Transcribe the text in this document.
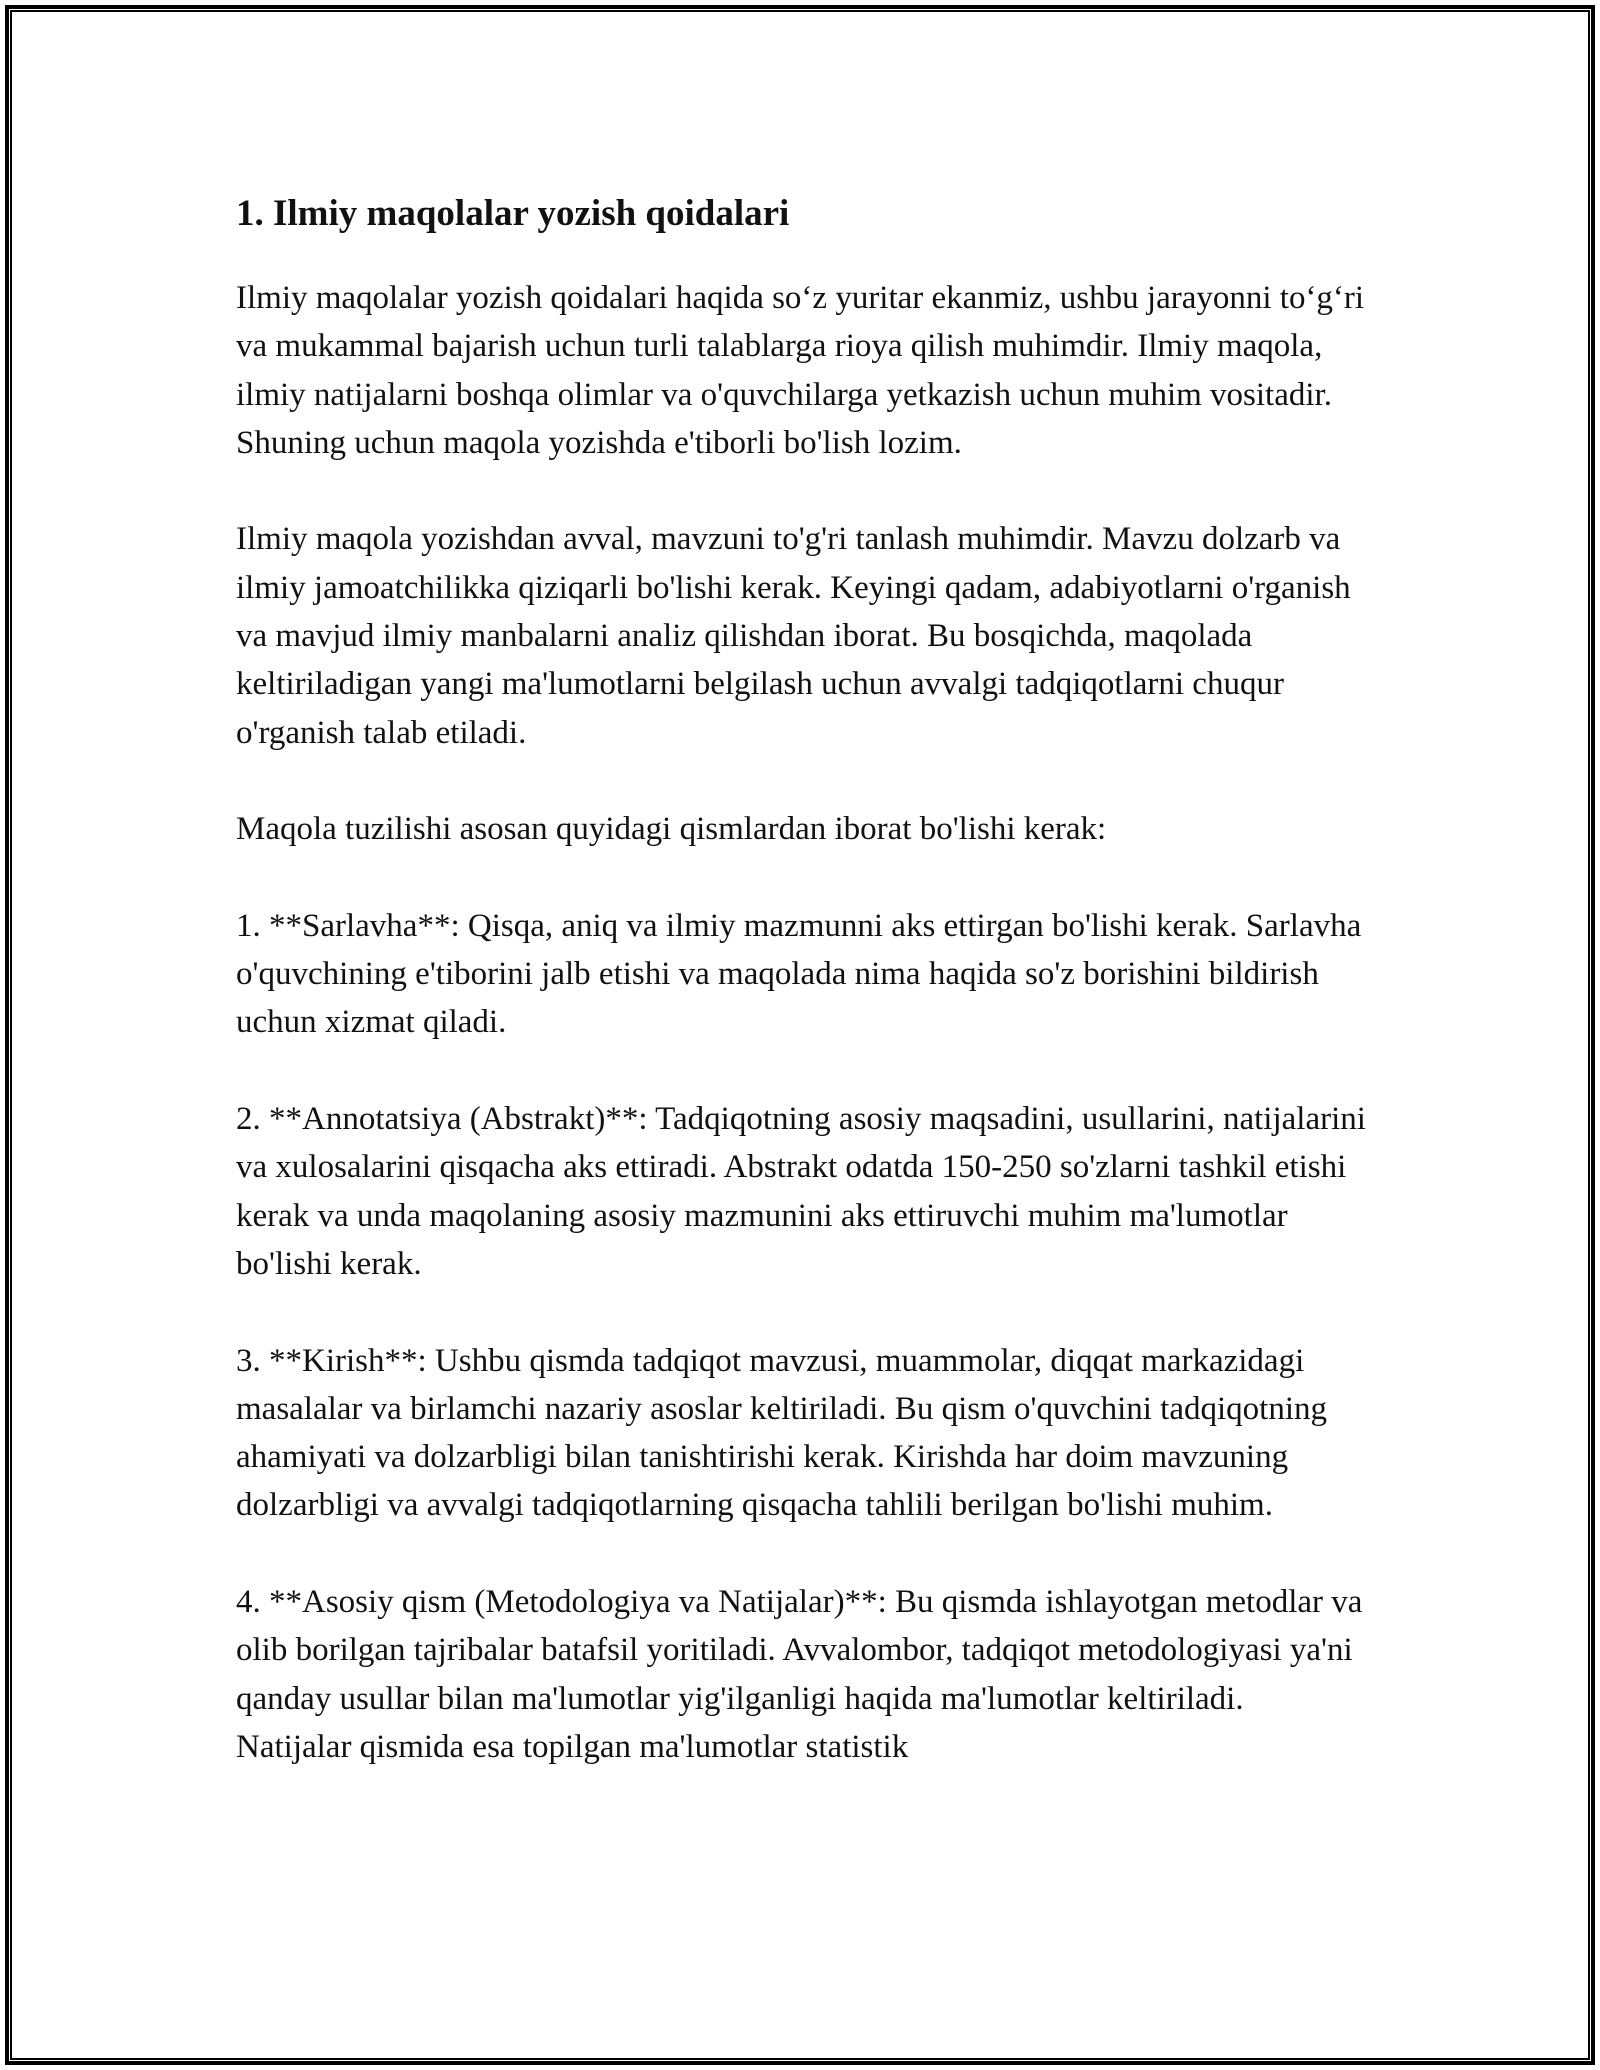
1. Ilmiy maqolalar yozish qoidalari

Ilmiy maqolalar yozish qoidalari haqida so‘z yuritar ekanmiz, ushbu jarayonni to‘g‘ri va mukammal bajarish uchun turli talablarga rioya qilish muhimdir. Ilmiy maqola, ilmiy natijalarni boshqa olimlar va o'quvchilarga yetkazish uchun muhim vositadir. Shuning uchun maqola yozishda e'tiborli bo'lish lozim.

Ilmiy maqola yozishdan avval, mavzuni to'g'ri tanlash muhimdir. Mavzu dolzarb va ilmiy jamoatchilikka qiziqarli bo'lishi kerak. Keyingi qadam, adabiyotlarni o'rganish va mavjud ilmiy manbalarni analiz qilishdan iborat. Bu bosqichda, maqolada keltiriladigan yangi ma'lumotlarni belgilash uchun avvalgi tadqiqotlarni chuqur o'rganish talab etiladi.

Maqola tuzilishi asosan quyidagi qismlardan iborat bo'lishi kerak:

1. **Sarlavha**: Qisqa, aniq va ilmiy mazmunni aks ettirgan bo'lishi kerak. Sarlavha o'quvchining e'tiborini jalb etishi va maqolada nima haqida so'z borishini bildirish uchun xizmat qiladi.

2. **Annotatsiya (Abstrakt)**: Tadqiqotning asosiy maqsadini, usullarini, natijalarini va xulosalarini qisqacha aks ettiradi. Abstrakt odatda 150-250 so'zlarni tashkil etishi kerak va unda maqolaning asosiy mazmunini aks ettiruvchi muhim ma'lumotlar bo'lishi kerak.

3. **Kirish**: Ushbu qismda tadqiqot mavzusi, muammolar, diqqat markazidagi masalalar va birlamchi nazariy asoslar keltiriladi. Bu qism o'quvchini tadqiqotning ahamiyati va dolzarbligi bilan tanishtirishi kerak. Kirishda har doim mavzuning dolzarbligi va avvalgi tadqiqotlarning qisqacha tahlili berilgan bo'lishi muhim.

4. **Asosiy qism (Metodologiya va Natijalar)**: Bu qismda ishlayotgan metodlar va olib borilgan tajribalar batafsil yoritiladi. Avvalombor, tadqiqot metodologiyasi ya'ni qanday usullar bilan ma'lumotlar yig'ilganligi haqida ma'lumotlar keltiriladi. Natijalar qismida esa topilgan ma'lumotlar statistik
